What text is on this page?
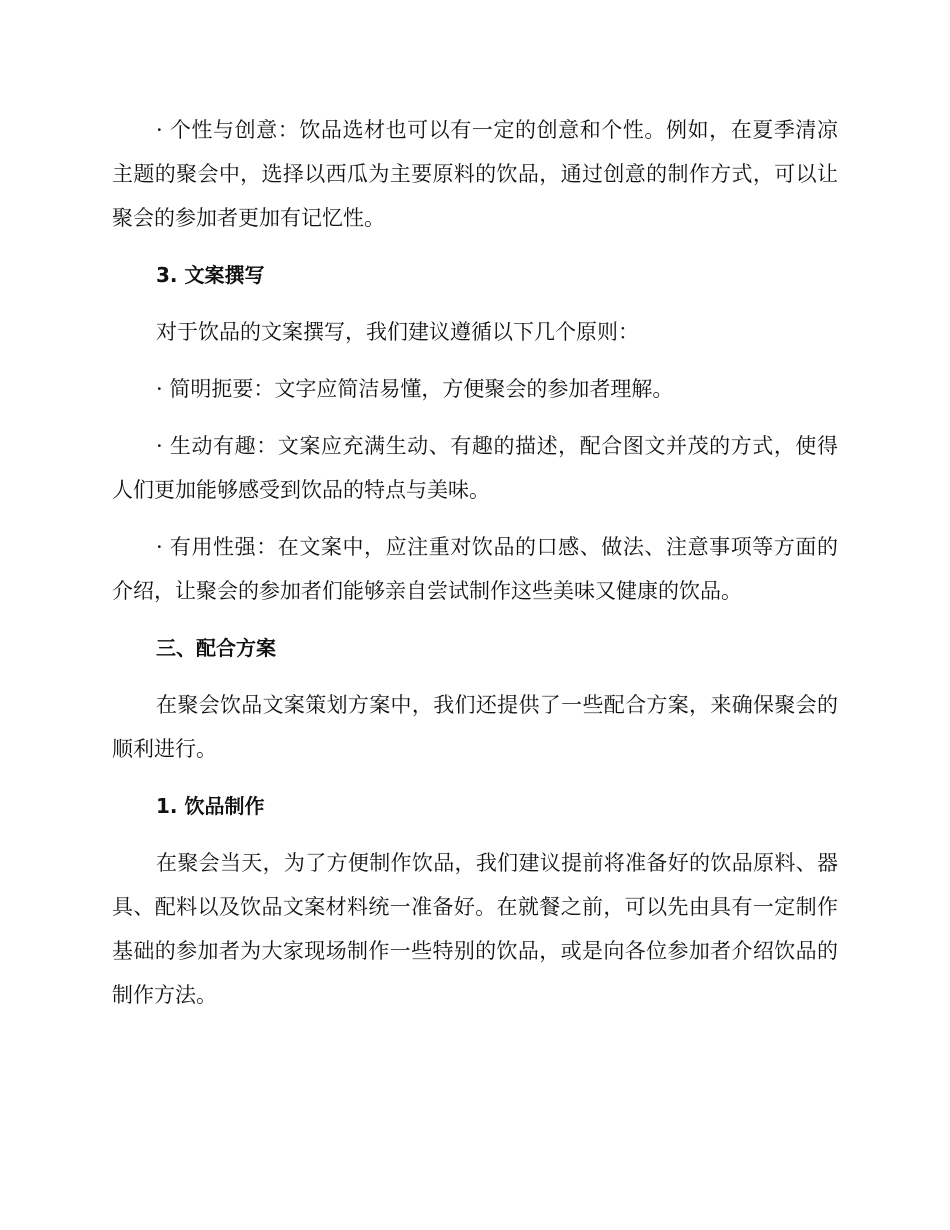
· 个性与创意：饮品选材也可以有一定的创意和个性。例如，在夏季清凉主题的聚会中，选择以西瓜为主要原料的饮品，通过创意的制作方式，可以让聚会的参加者更加有记忆性。

3. 文案撰写

对于饮品的文案撰写，我们建议遵循以下几个原则：

· 简明扼要：文字应简洁易懂，方便聚会的参加者理解。

· 生动有趣：文案应充满生动、有趣的描述，配合图文并茂的方式，使得人们更加能够感受到饮品的特点与美味。

· 有用性强：在文案中，应注重对饮品的口感、做法、注意事项等方面的介绍，让聚会的参加者们能够亲自尝试制作这些美味又健康的饮品。

三、配合方案

在聚会饮品文案策划方案中，我们还提供了一些配合方案，来确保聚会的顺利进行。

1. 饮品制作

在聚会当天，为了方便制作饮品，我们建议提前将准备好的饮品原料、器具、配料以及饮品文案材料统一准备好。在就餐之前，可以先由具有一定制作基础的参加者为大家现场制作一些特别的饮品，或是向各位参加者介绍饮品的制作方法。
